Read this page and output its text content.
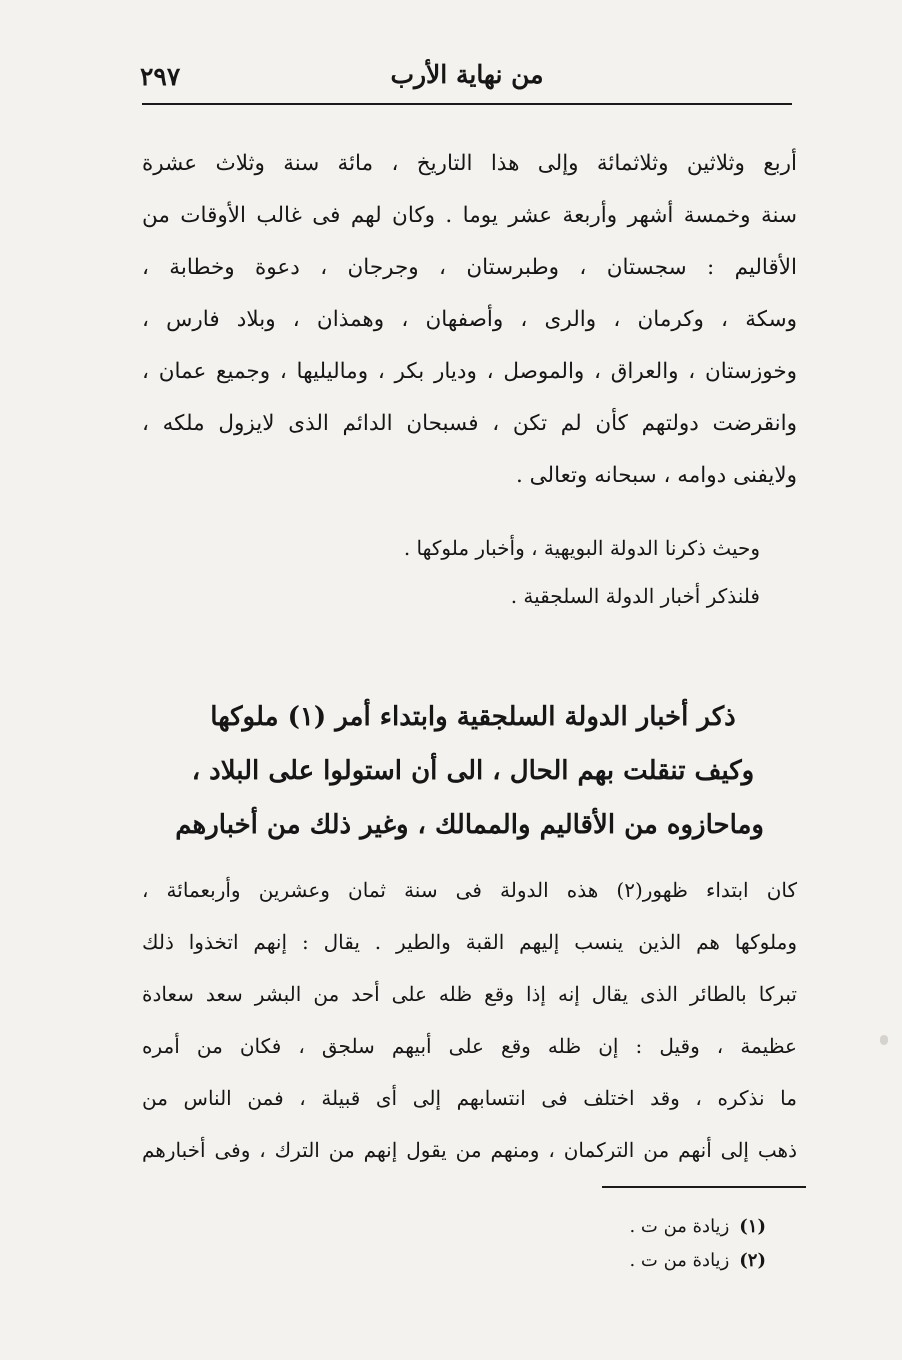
٢٩٧	من نهاية الأرب
أربع وثلاثين وثلاثمائة وإلى هذا التاريخ ، مائة سنة وثلاث عشرة
سنة وخمسة أشهر وأربعة عشر يوما . وكان لهم فى غالب الأوقات من
الأقاليم : سجستان ، وطبرستان ، وجرجان ، دعوة وخطابة ،
وسكة ، وكرمان ، والرى ، وأصفهان ، وهمذان ، وبلاد فارس ،
وخوزستان ، والعراق ، والموصل ، وديار بكر ، وماليليها ، وجميع عمان ،
وانقرضت دولتهم كأن لم تكن ، فسبحان الدائم الذى لايزول ملكه ،
ولايفنى دوامه ، سبحانه وتعالى .
وحيث ذكرنا الدولة البويهية ، وأخبار ملوكها .
فلنذكر أخبار الدولة السلجقية .
ذكر أخبار الدولة السلجقية وابتداء أمر (١) ملوكها
وكيف تنقلت بهم الحال ، الى أن استولوا على البلاد ،
وماحازوه من الأقاليم والممالك ، وغير ذلك من أخبارهم
كان ابتداء ظهور(٢) هذه الدولة فى سنة ثمان وعشرين وأربعمائة ،
وملوكها هم الذين ينسب إليهم القبة والطير . يقال : إنهم اتخذوا ذلك
تبركا بالطائر الذى يقال إنه إذا وقع ظله على أحد من البشر سعد سعادة
عظيمة ، وقيل : إن ظله وقع على أبيهم سلجق ، فكان من أمره
ما نذكره ، وقد اختلف فى انتسابهم إلى أى قبيلة ، فمن الناس من
ذهب إلى أنهم من التركمان ، ومنهم من يقول إنهم من الترك ، وفى أخبارهم
(١)زيادة من ت .
(٢)زيادة من ت .
